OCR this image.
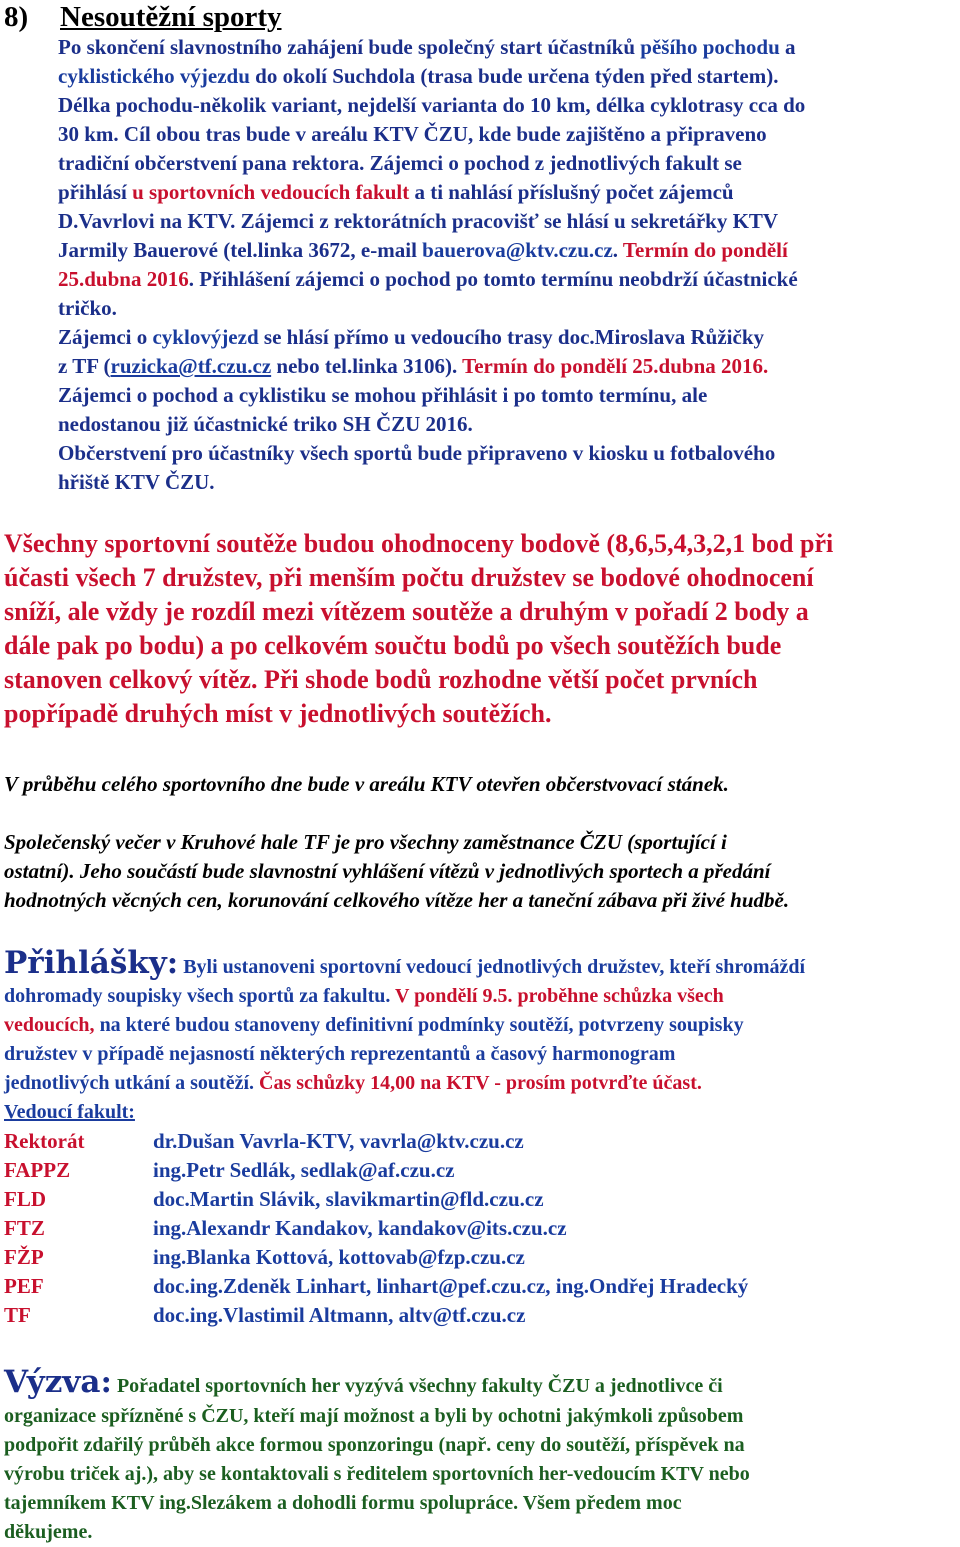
8) Nesoutěžní sporty
Po skončení slavnostního zahájení bude společný start účastníků pěšího pochodu a
cyklistického výjezdu do okolí Suchdola (trasa bude určena týden před startem).
Délka pochodu-několik variant, nejdelší varianta do 10 km, délka cyklotrasy cca do
30 km. Cíl obou tras bude v areálu KTV ČZU, kde bude zajištěno a připraveno
tradiční občerstvení pana rektora. Zájemci o pochod z jednotlivých fakult se
přihlásí u sportovních vedoucích fakult a ti nahlásí příslušný počet zájemců
D.Vavrlovi na KTV. Zájemci z rektorátních pracovišť se hlásí u sekretářky KTV
Jarmily Bauerové (tel.linka 3672, e-mail bauerova@ktv.czu.cz. Termín do pondělí
25.dubna 2016. Přihlášení zájemci o pochod po tomto termínu neobdrží účastnické
tričko.
Zájemci o cyklovýjezd se hlásí přímo u vedoucího trasy doc.Miroslava Růžičky
z TF (ruzicka@tf.czu.cz nebo tel.linka 3106). Termín do pondělí 25.dubna 2016.
Zájemci o pochod a cyklistiku se mohou přihlásit i po tomto termínu, ale
nedostanou již účastnické triko SH ČZU 2016.
Občerstvení pro účastníky všech sportů bude připraveno v kiosku u fotbalového
hřiště KTV ČZU.
Všechny sportovní soutěže budou ohodnoceny bodově (8,6,5,4,3,2,1 bod při
účasti všech 7 družstev, při menším počtu družstev se bodové ohodnocení
sníží, ale vždy je rozdíl mezi vítězem soutěže a druhým v pořadí 2 body a
dále pak po bodu) a po celkovém součtu bodů po všech soutěžích bude
stanoven celkový vítěz. Při shode bodů rozhodne větší počet prvních
popřípadě druhých míst v jednotlivých soutěžích.
V průběhu celého sportovního dne bude v areálu KTV otevřen občerstvovací stánek.
Společenský večer v Kruhové hale TF je pro všechny zaměstnance ČZU (sportující i
ostatní). Jeho součástí bude slavnostní vyhlášení vítězů v jednotlivých sportech a předání
hodnotných věcných cen, korunování celkového vítěze her a taneční zábava při živé hudbě.
Přihlášky: Byli ustanoveni sportovní vedoucí jednotlivých družstev, kteří shromáždí
dohromady soupisky všech sportů za fakultu. V pondělí 9.5. proběhne schůzka všech
vedoucích, na které budou stanoveny definitivní podmínky soutěží, potvrzeny soupisky
družstev v případě nejasností některých reprezentantů a časový harmonogram
jednotlivých utkání a soutěží. Čas schůzky 14,00 na KTV - prosím potvrďte účast.
Vedoucí fakult:
Rektorát	dr.Dušan Vavrla-KTV, vavrla@ktv.czu.cz
FAPPZ	ing.Petr Sedlák, sedlak@af.czu.cz
FLD	doc.Martin Slávik, slavikmartin@fld.czu.cz
FTZ	ing.Alexandr Kandakov, kandakov@its.czu.cz
FŽP	ing.Blanka Kottová, kottovab@fzp.czu.cz
PEF	doc.ing.Zdeněk Linhart, linhart@pef.czu.cz, ing.Ondřej Hradecký
TF	doc.ing.Vlastimil Altmann, altv@tf.czu.cz
Výzva: Pořadatel sportovních her vyzývá všechny fakulty ČZU a jednotlivce či
organizace spřízněné s ČZU, kteří mají možnost a byli by ochotni jakýmkoli způsobem
podpořit zdařilý průběh akce formou sponzoringu (např. ceny do soutěží, příspěvek na
výrobu triček aj.), aby se kontaktovali s ředitelem sportovních her-vedoucím KTV nebo
tajemníkem KTV ing.Slezákem a dohodli formu spolupráce. Všem předem moc
děkujeme.
